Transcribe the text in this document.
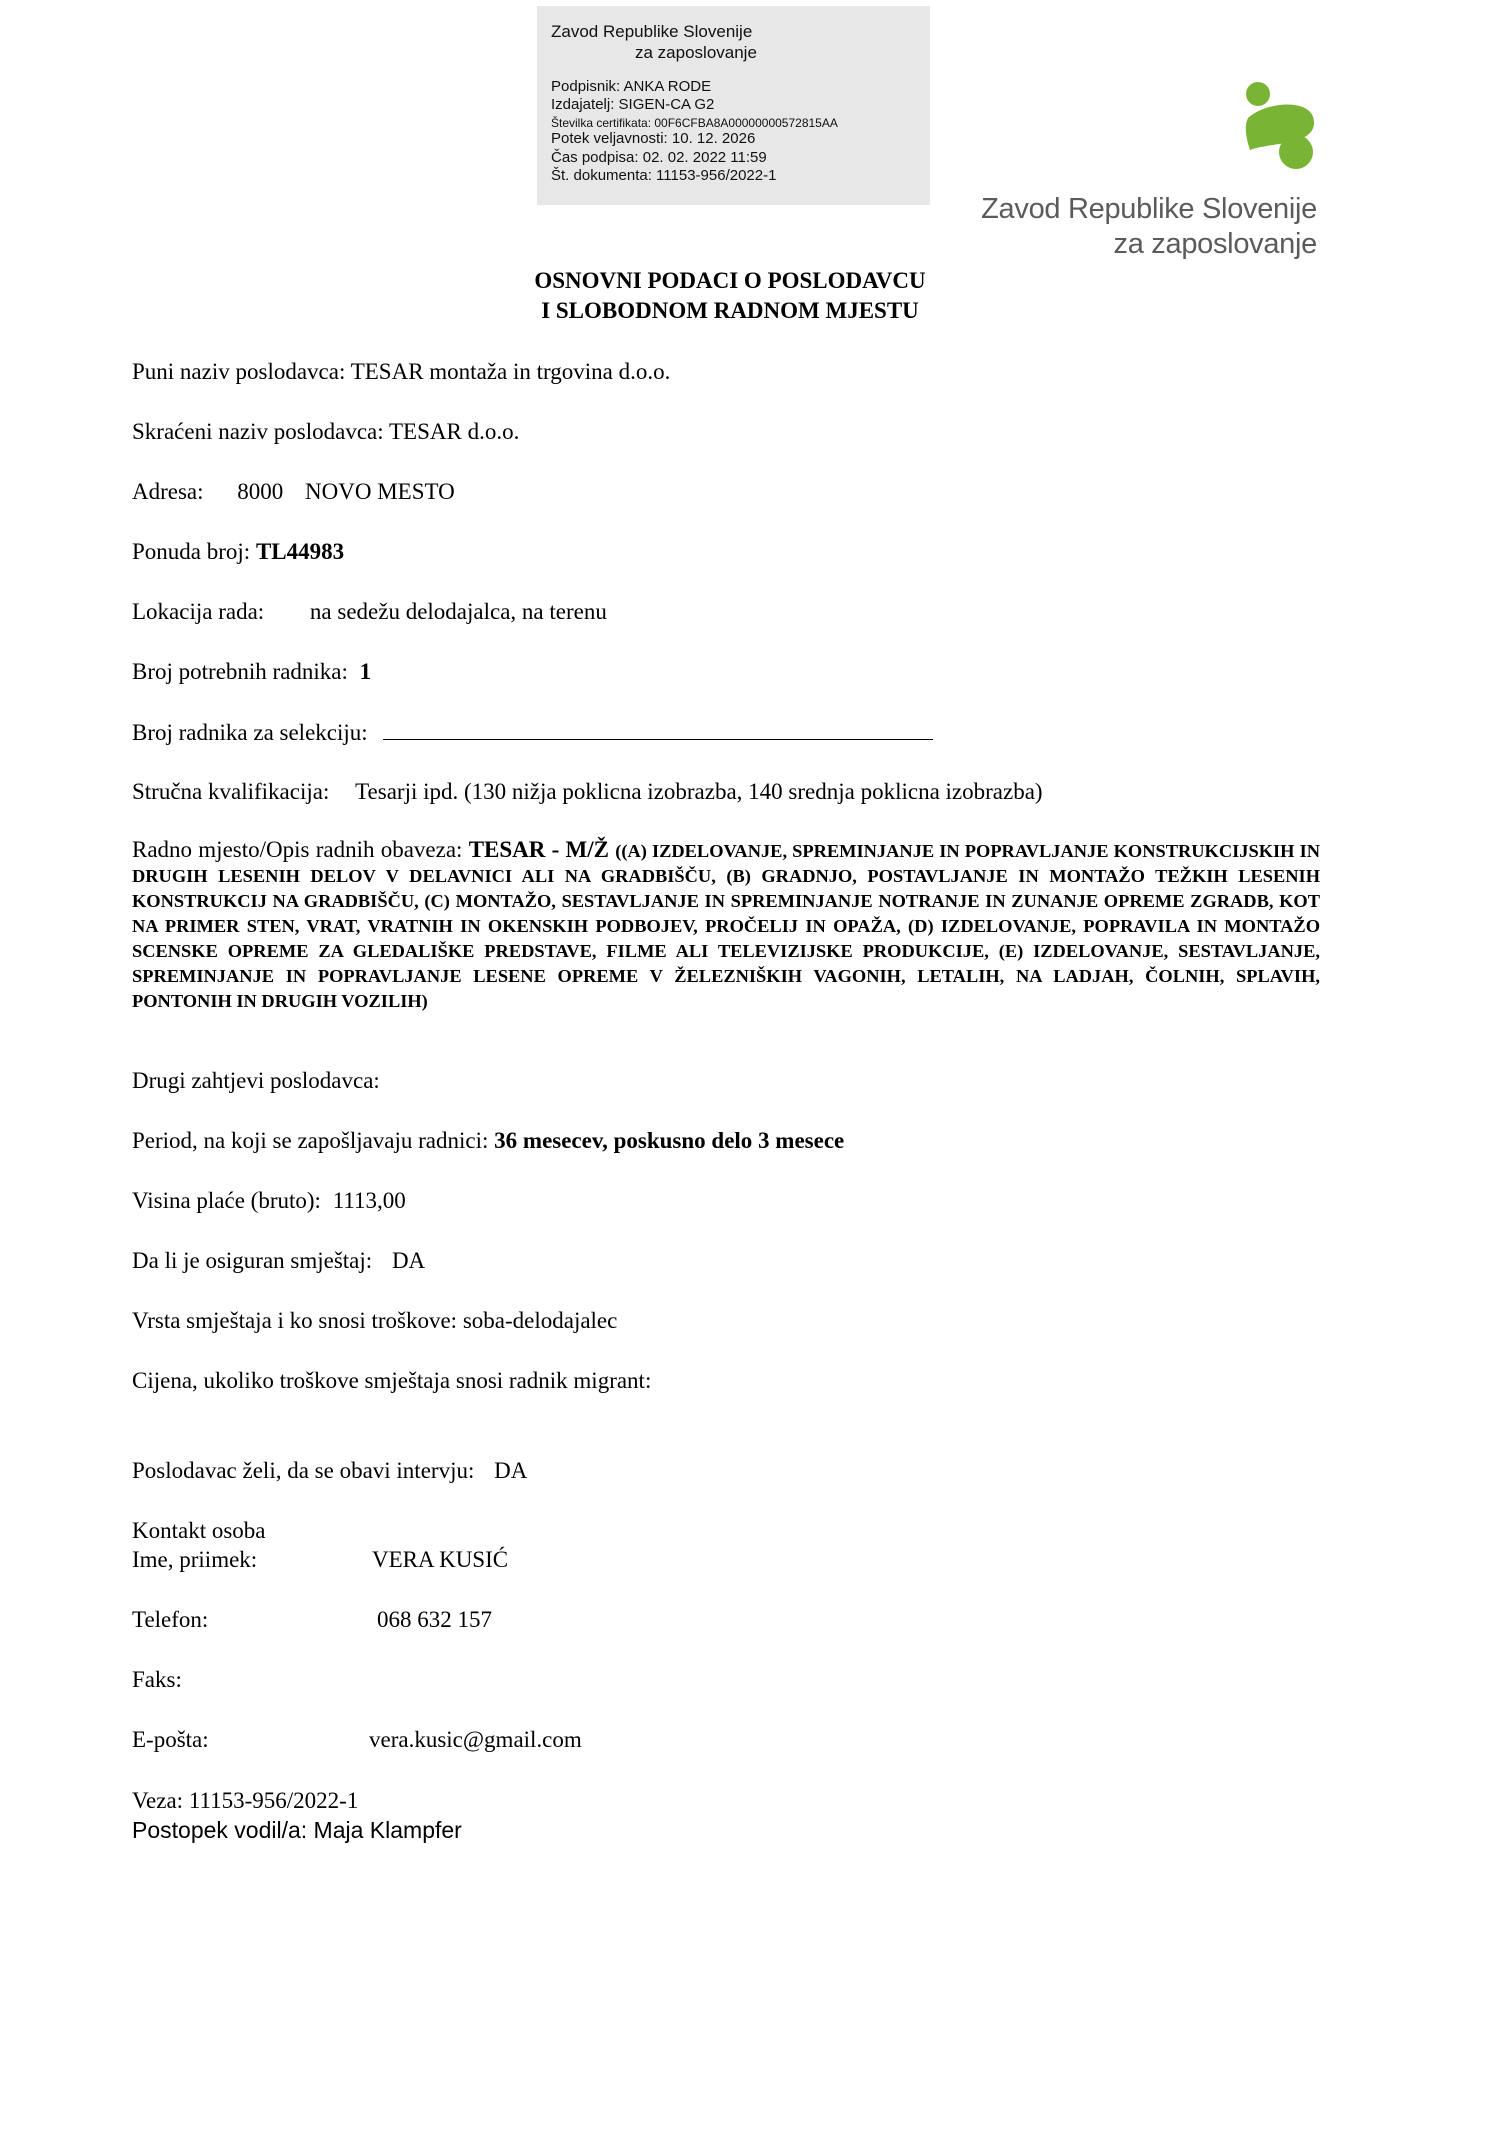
Zavod Republike Slovenije
za zaposlovanje
Podpisnik: ANKA RODE
Izdajatelj: SIGEN-CA G2
Številka certifikata: 00F6CFBA8A00000000572815AA
Potek veljavnosti: 10. 12. 2026
Čas podpisa: 02. 02. 2022 11:59
Št. dokumenta: 11153-956/2022-1
Zavod Republike Slovenije
za zaposlovanje
OSNOVNI PODACI O POSLODAVCU
I SLOBODNOM RADNOM MJESTU
Puni naziv poslodavca: TESAR montaža in trgovina d.o.o.
Skraćeni naziv poslodavca: TESAR d.o.o.
Adresa: 8000 NOVO MESTO
Ponuda broj: TL44983
Lokacija rada: na sedežu delodajalca, na terenu
Broj potrebnih radnika: 1
Broj radnika za selekciju:
Stručna kvalifikacija: Tesarji ipd. (130 nižja poklicna izobrazba, 140 srednja poklicna izobrazba)
Radno mjesto/Opis radnih obaveza: TESAR - M/Ž ((A) IZDELOVANJE, SPREMINJANJE IN POPRAVLJANJE KONSTRUKCIJSKIH IN DRUGIH LESENIH DELOV V DELAVNICI ALI NA GRADBIŠČU, (B) GRADNJO, POSTAVLJANJE IN MONTAŽO TEŽKIH LESENIH KONSTRUKCIJ NA GRADBIŠČU, (C) MONTAŽO, SESTAVLJANJE IN SPREMINJANJE NOTRANJE IN ZUNANJE OPREME ZGRADB, KOT NA PRIMER STEN, VRAT, VRATNIH IN OKENSKIH PODBOJEV, PROČELIJ IN OPAŽA, (D) IZDELOVANJE, POPRAVILA IN MONTAŽO SCENSKE OPREME ZA GLEDALIŠKE PREDSTAVE, FILME ALI TELEVIZIJSKE PRODUKCIJE, (E) IZDELOVANJE, SESTAVLJANJE, SPREMINJANJE IN POPRAVLJANJE LESENE OPREME V ŽELEZNIŠKIH VAGONIH, LETALIH, NA LADJAH, ČOLNIH, SPLAVIH, PONTONIH IN DRUGIH VOZILIH)
Drugi zahtjevi poslodavca:
Period, na koji se zapošljavaju radnici: 36 mesecev, poskusno delo 3 mesece
Visina plaće (bruto): 1113,00
Da li je osiguran smještaj: DA
Vrsta smještaja i ko snosi troškove: soba-delodajalec
Cijena, ukoliko troškove smještaja snosi radnik migrant:
Poslodavac želi, da se obavi intervju: DA
Kontakt osoba
Ime, priimek:	VERA KUSIĆ
Telefon:	068 632 157
Faks:
E-pošta:	vera.kusic@gmail.com
Veza: 11153-956/2022-1
Postopek vodil/a: Maja Klampfer
